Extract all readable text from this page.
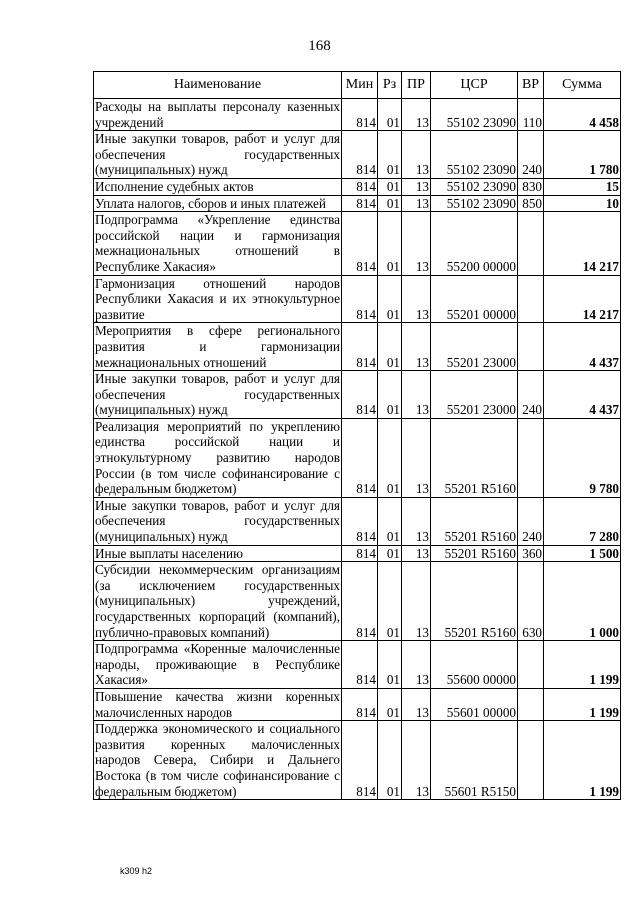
168
Наименование	Мин	Рз	ПР	ЦСР	ВР	Сумма
Расходы на выплаты персоналу казенных учреждений	814	01	13	55102 23090	110	4 458
Иные закупки товаров, работ и услуг для обеспечения государственных (муниципальных) нужд	814	01	13	55102 23090	240	1 780
Исполнение судебных актов	814	01	13	55102 23090	830	15
Уплата налогов, сборов и иных платежей	814	01	13	55102 23090	850	10
Подпрограмма «Укрепление единства российской нации и гармонизация межнациональных отношений в Республике Хакасия»	814	01	13	55200 00000		14 217
Гармонизация отношений народов Республики Хакасия и их этнокультурное развитие	814	01	13	55201 00000		14 217
Мероприятия в сфере регионального развития и гармонизации межнациональных отношений	814	01	13	55201 23000		4 437
Иные закупки товаров, работ и услуг для обеспечения государственных (муниципальных) нужд	814	01	13	55201 23000	240	4 437
Реализация мероприятий по укреплению единства российской нации и этнокультурному развитию народов России (в том числе софинансирование с федеральным бюджетом)	814	01	13	55201 R5160		9 780
Иные закупки товаров, работ и услуг для обеспечения государственных (муниципальных) нужд	814	01	13	55201 R5160	240	7 280
Иные выплаты населению	814	01	13	55201 R5160	360	1 500
Субсидии некоммерческим организациям (за исключением государственных (муниципальных) учреждений, государственных корпораций (компаний), публично-правовых компаний)	814	01	13	55201 R5160	630	1 000
Подпрограмма «Коренные малочисленные народы, проживающие в Республике Хакасия»	814	01	13	55600 00000		1 199
Повышение качества жизни коренных малочисленных народов	814	01	13	55601 00000		1 199
Поддержка экономического и социального развития коренных малочисленных народов Севера, Сибири и Дальнего Востока (в том числе софинансирование с федеральным бюджетом)	814	01	13	55601 R5150		1 199
k309 h2
